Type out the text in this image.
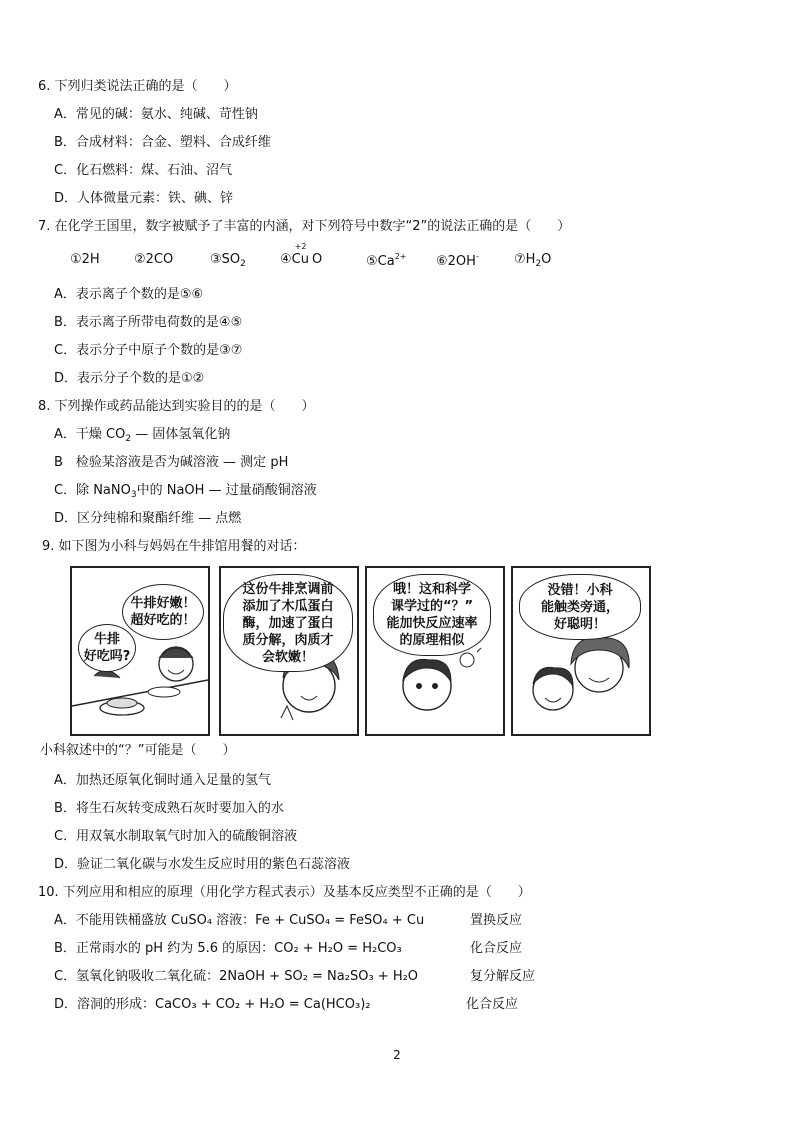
6. 下列归类说法正确的是（　　）
A．常见的碱：氨水、纯碱、苛性钠
B．合成材料：合金、塑料、合成纤维
C．化石燃料：煤、石油、沼气
D．人体微量元素：铁、碘、锌
7. 在化学王国里，数字被赋予了丰富的内涵，对下列符号中数字“2”的说法正确的是（　　）
①2H	②2CO	$③SO_2$	④
+2
Cu O	$⑤Ca^{2+}$ ⑥2OH-	$⑦H_2O$
A．表示离子个数的是⑤⑥
B．表示离子所带电荷数的是④⑤
C．表示分子中原子个数的是③⑦
D．表示分子个数的是①②
8. 下列操作或药品能达到实验目的的是（　　）
A．干燥 $CO_2$ — 固体氢氧化钠
B　检验某溶液是否为碱溶液 — 测定 pH
C．除 NaNO$_3$中的 NaOH — 过量硝酸铜溶液
D．区分纯棉和聚酯纤维 — 点燃
9. 如下图为小科与妈妈在牛排馆用餐的对话：
牛排好嫩！
超好吃的！
牛排
好吃吗?
这份牛排烹调前
添加了木瓜蛋白
酶，加速了蛋白
质分解，肉质才
会软嫩！
哦！这和科学
课学过的“？”
能加快反应速率
的原理相似
没错！小科
能触类旁通，
好聪明！
小科叙述中的“？”可能是（　　）
A．加热还原氧化铜时通入足量的氢气
B．将生石灰转变成熟石灰时要加入的水
C．用双氧水制取氧气时加入的硫酸铜溶液
D．验证二氧化碳与水发生反应时用的紫色石蕊溶液
10. 下列应用和相应的原理（用化学方程式表示）及基本反应类型不正确的是（　　）
A．不能用铁桶盛放 CuSO₄ 溶液：Fe + CuSO₄ = FeSO₄ + Cu	置换反应
B．正常雨水的 pH 约为 5.6 的原因：CO₂ + H₂O = H₂CO₃	化合反应
C．氢氧化钠吸收二氧化硫：2NaOH + SO₂ = Na₂SO₃ + H₂O	复分解反应
D．溶洞的形成：CaCO₃ + CO₂ + H₂O = Ca(HCO₃)₂	化合反应
2
